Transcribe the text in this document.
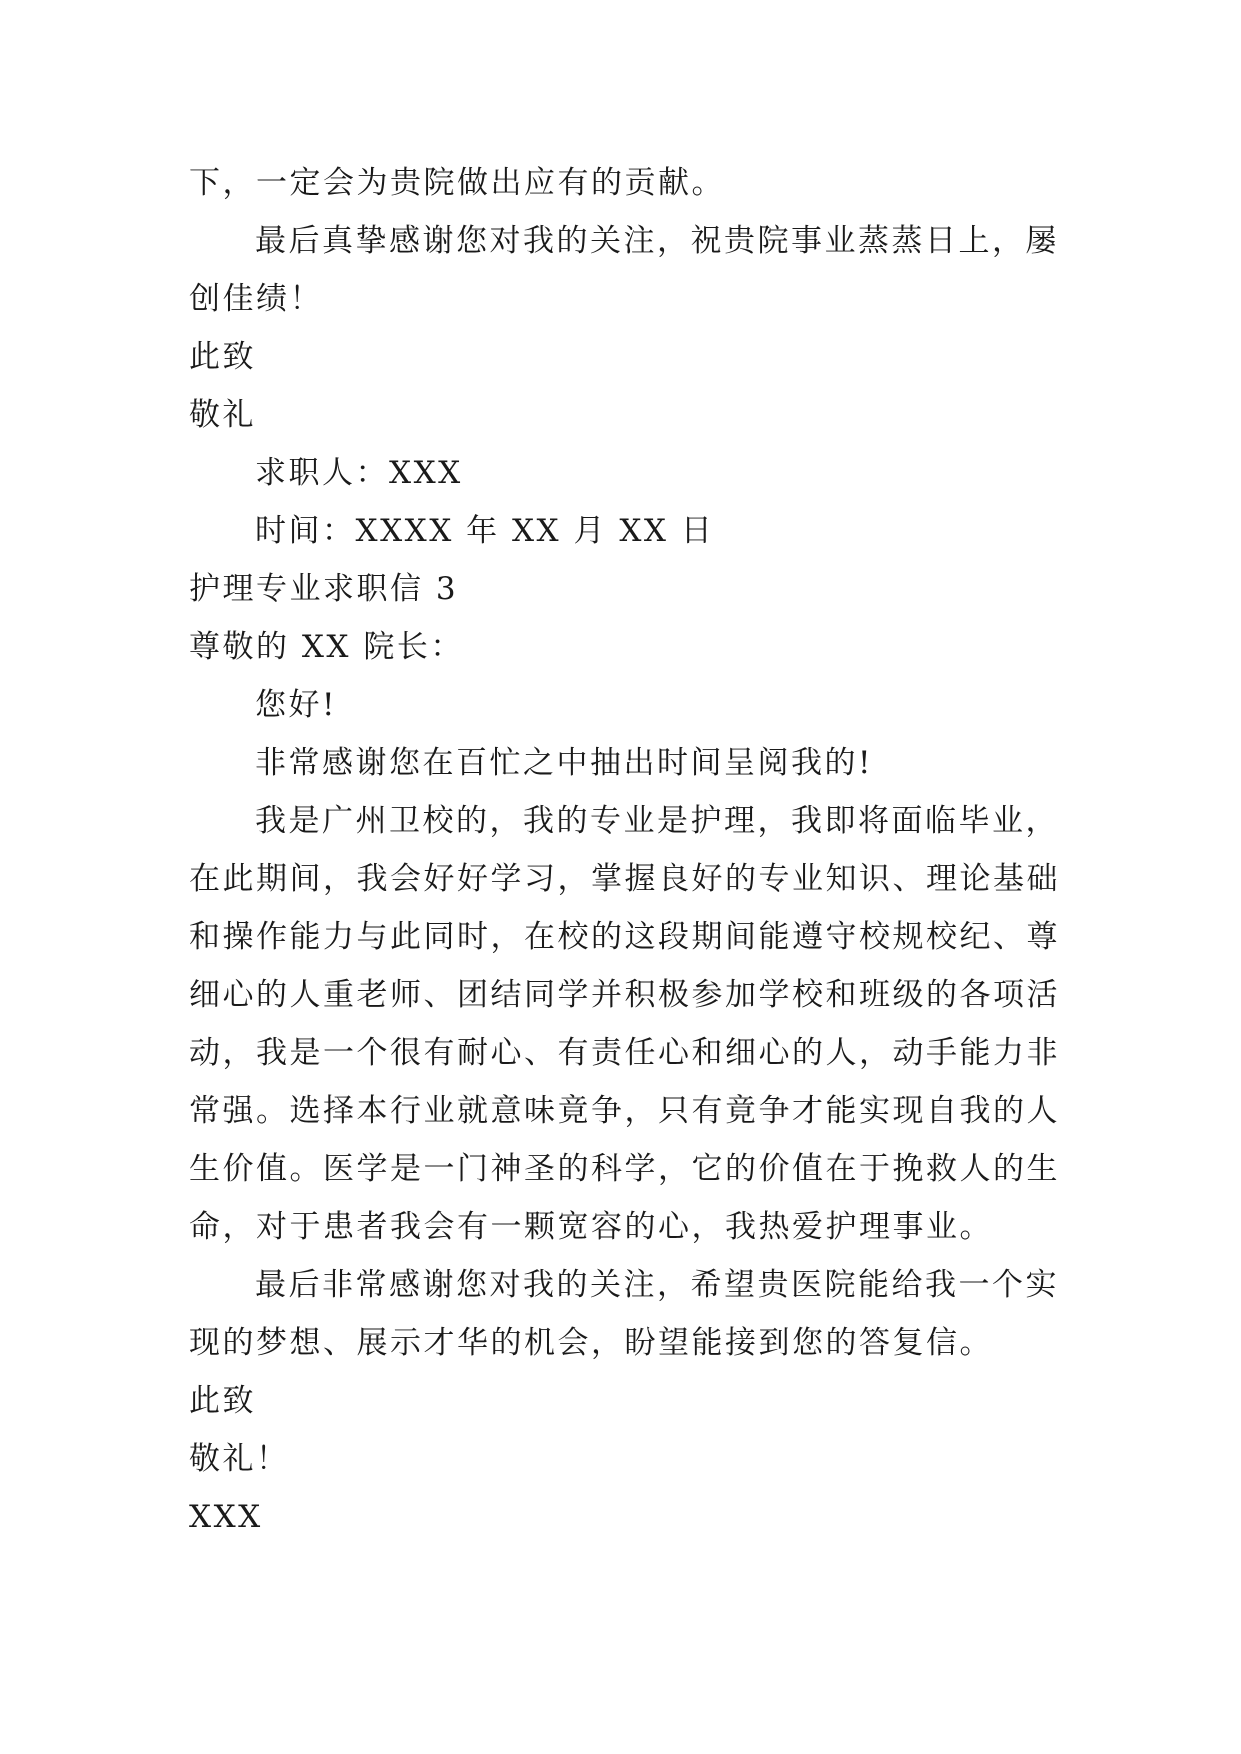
下，一定会为贵院做出应有的贡献。
最后真挚感谢您对我的关注，祝贵院事业蒸蒸日上，屡
创佳绩！
此致
敬礼
求职人：XXX
时间：XXXX 年 XX 月 XX 日
护理专业求职信 3
尊敬的 XX 院长：
您好!
非常感谢您在百忙之中抽出时间呈阅我的!
我是广州卫校的，我的专业是护理，我即将面临毕业，
在此期间，我会好好学习，掌握良好的专业知识、理论基础
和操作能力与此同时，在校的这段期间能遵守校规校纪、尊
细心的人重老师、团结同学并积极参加学校和班级的各项活
动，我是一个很有耐心、有责任心和细心的人，动手能力非
常强。选择本行业就意味竟争，只有竟争才能实现自我的人
生价值。医学是一门神圣的科学，它的价值在于挽救人的生
命，对于患者我会有一颗宽容的心，我热爱护理事业。
最后非常感谢您对我的关注，希望贵医院能给我一个实
现的梦想、展示才华的机会，盼望能接到您的答复信。
此致
敬礼！
XXX
